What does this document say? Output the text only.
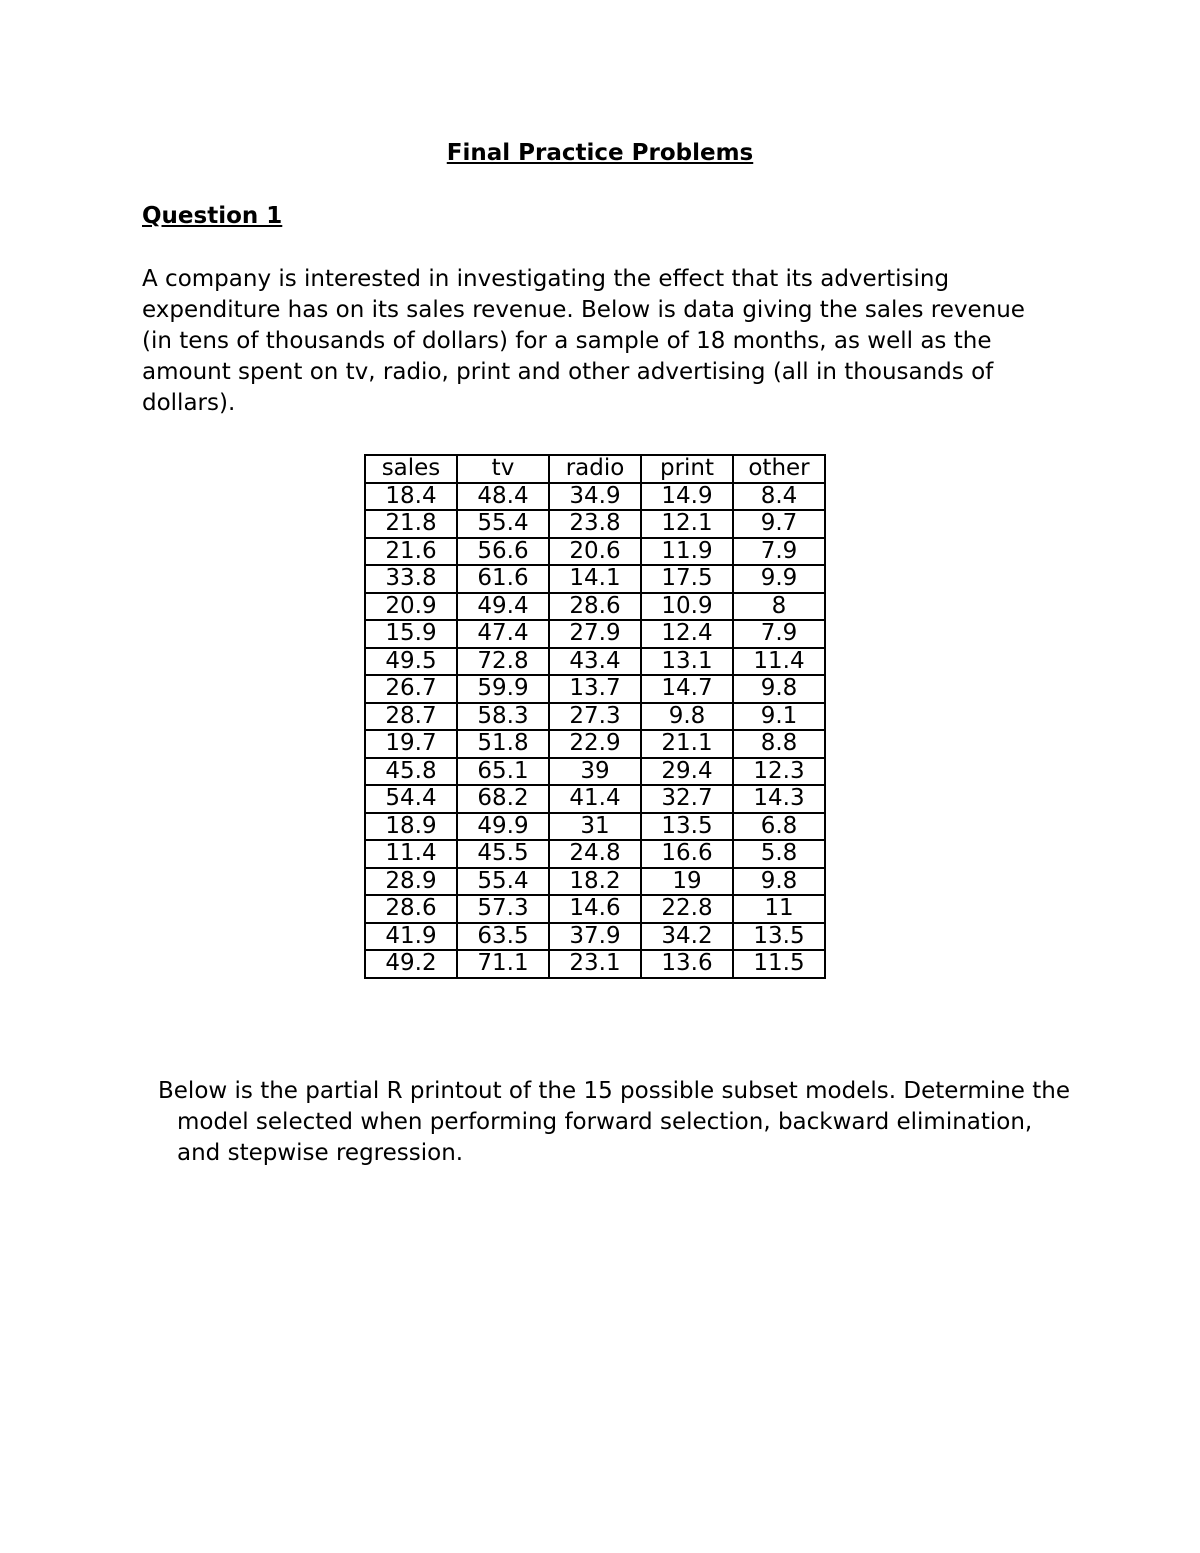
Final Practice Problems
Question 1

A company is interested in investigating the effect that its advertising
expenditure has on its sales revenue. Below is data giving the sales revenue
(in tens of thousands of dollars) for a sample of 18 months, as well as the
amount spent on tv, radio, print and other advertising (all in thousands of
dollars).

sales	tv	radio	print	other
18.4	48.4	34.9	14.9	8.4
21.8	55.4	23.8	12.1	9.7
21.6	56.6	20.6	11.9	7.9
33.8	61.6	14.1	17.5	9.9
20.9	49.4	28.6	10.9	8
15.9	47.4	27.9	12.4	7.9
49.5	72.8	43.4	13.1	11.4
26.7	59.9	13.7	14.7	9.8
28.7	58.3	27.3	9.8	9.1
19.7	51.8	22.9	21.1	8.8
45.8	65.1	39	29.4	12.3
54.4	68.2	41.4	32.7	14.3
18.9	49.9	31	13.5	6.8
11.4	45.5	24.8	16.6	5.8
28.9	55.4	18.2	19	9.8
28.6	57.3	14.6	22.8	11
41.9	63.5	37.9	34.2	13.5
49.2	71.1	23.1	13.6	11.5

Below is the partial R printout of the 15 possible subset models. Determine the model selected when performing forward selection, backward elimination, and stepwise regression.
